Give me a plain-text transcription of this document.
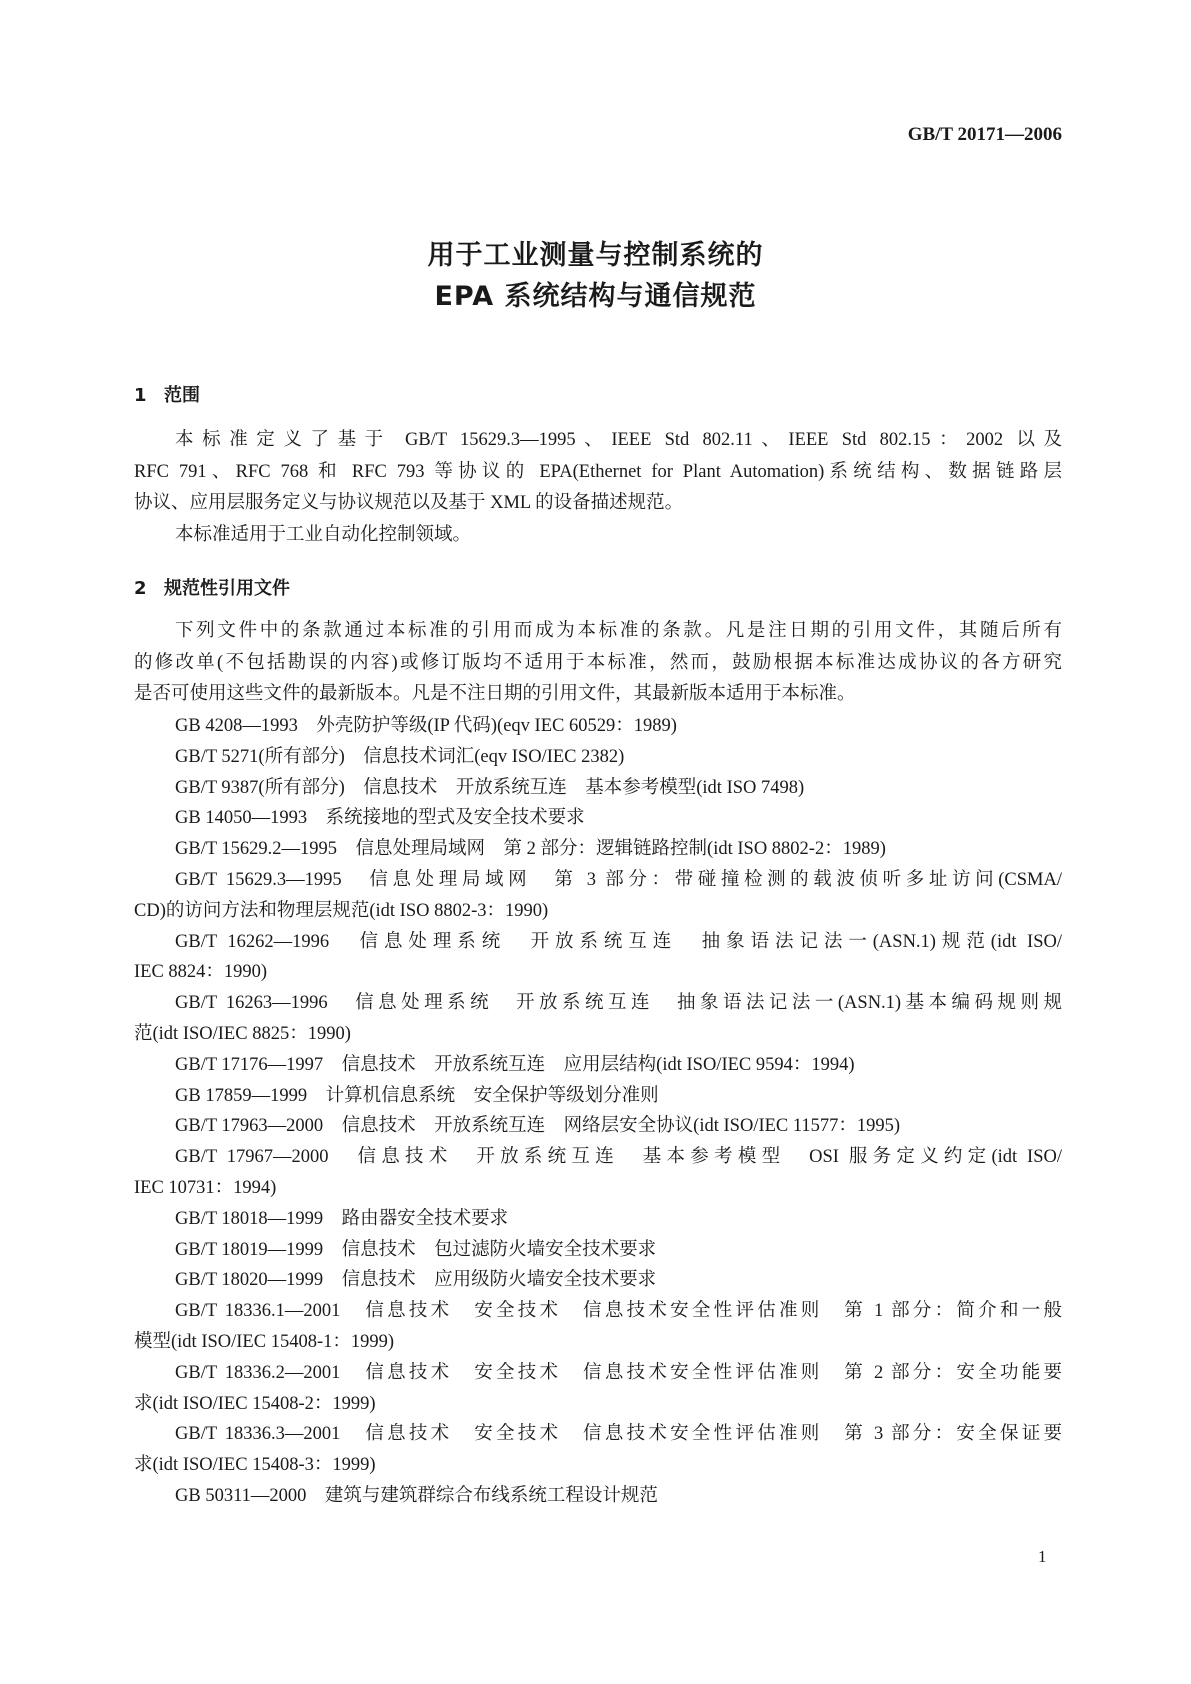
GB/T 20171—2006
用于工业测量与控制系统的
EPA 系统结构与通信规范
1 范围
2 规范性引用文件
本标准定义了基于 GB/T 15629.3—1995、IEEE Std 802.11、IEEE Std 802.15：2002 以及
RFC 791、RFC 768 和 RFC 793 等协议的 EPA(Ethernet for Plant Automation)系统结构、数据链路层
协议、应用层服务定义与协议规范以及基于 XML 的设备描述规范。
本标准适用于工业自动化控制领域。
下列文件中的条款通过本标准的引用而成为本标准的条款。凡是注日期的引用文件，其随后所有
的修改单(不包括勘误的内容)或修订版均不适用于本标准，然而，鼓励根据本标准达成协议的各方研究
是否可使用这些文件的最新版本。凡是不注日期的引用文件，其最新版本适用于本标准。
GB 4208—1993　外壳防护等级(IP 代码)(eqv IEC 60529：1989)
GB/T 5271(所有部分)　信息技术词汇(eqv ISO/IEC 2382)
GB/T 9387(所有部分)　信息技术　开放系统互连　基本参考模型(idt ISO 7498)
GB 14050—1993　系统接地的型式及安全技术要求
GB/T 15629.2—1995　信息处理局域网　第 2 部分：逻辑链路控制(idt ISO 8802-2：1989)
GB/T 15629.3—1995　信息处理局域网　第 3 部分：带碰撞检测的载波侦听多址访问(CSMA/
CD)的访问方法和物理层规范(idt ISO 8802-3：1990)
GB/T 16262—1996　信息处理系统　开放系统互连　抽象语法记法一(ASN.1)规范(idt ISO/
IEC 8824：1990)
GB/T 16263—1996　信息处理系统　开放系统互连　抽象语法记法一(ASN.1)基本编码规则规
范(idt ISO/IEC 8825：1990)
GB/T 17176—1997　信息技术　开放系统互连　应用层结构(idt ISO/IEC 9594：1994)
GB 17859—1999　计算机信息系统　安全保护等级划分准则
GB/T 17963—2000　信息技术　开放系统互连　网络层安全协议(idt ISO/IEC 11577：1995)
GB/T 17967—2000　信息技术　开放系统互连　基本参考模型　OSI 服务定义约定(idt ISO/
IEC 10731：1994)
GB/T 18018—1999　路由器安全技术要求
GB/T 18019—1999　信息技术　包过滤防火墙安全技术要求
GB/T 18020—1999　信息技术　应用级防火墙安全技术要求
GB/T 18336.1—2001　信息技术　安全技术　信息技术安全性评估准则　第 1 部分：简介和一般
模型(idt ISO/IEC 15408-1：1999)
GB/T 18336.2—2001　信息技术　安全技术　信息技术安全性评估准则　第 2 部分：安全功能要
求(idt ISO/IEC 15408-2：1999)
GB/T 18336.3—2001　信息技术　安全技术　信息技术安全性评估准则　第 3 部分：安全保证要
求(idt ISO/IEC 15408-3：1999)
GB 50311—2000　建筑与建筑群综合布线系统工程设计规范
1
